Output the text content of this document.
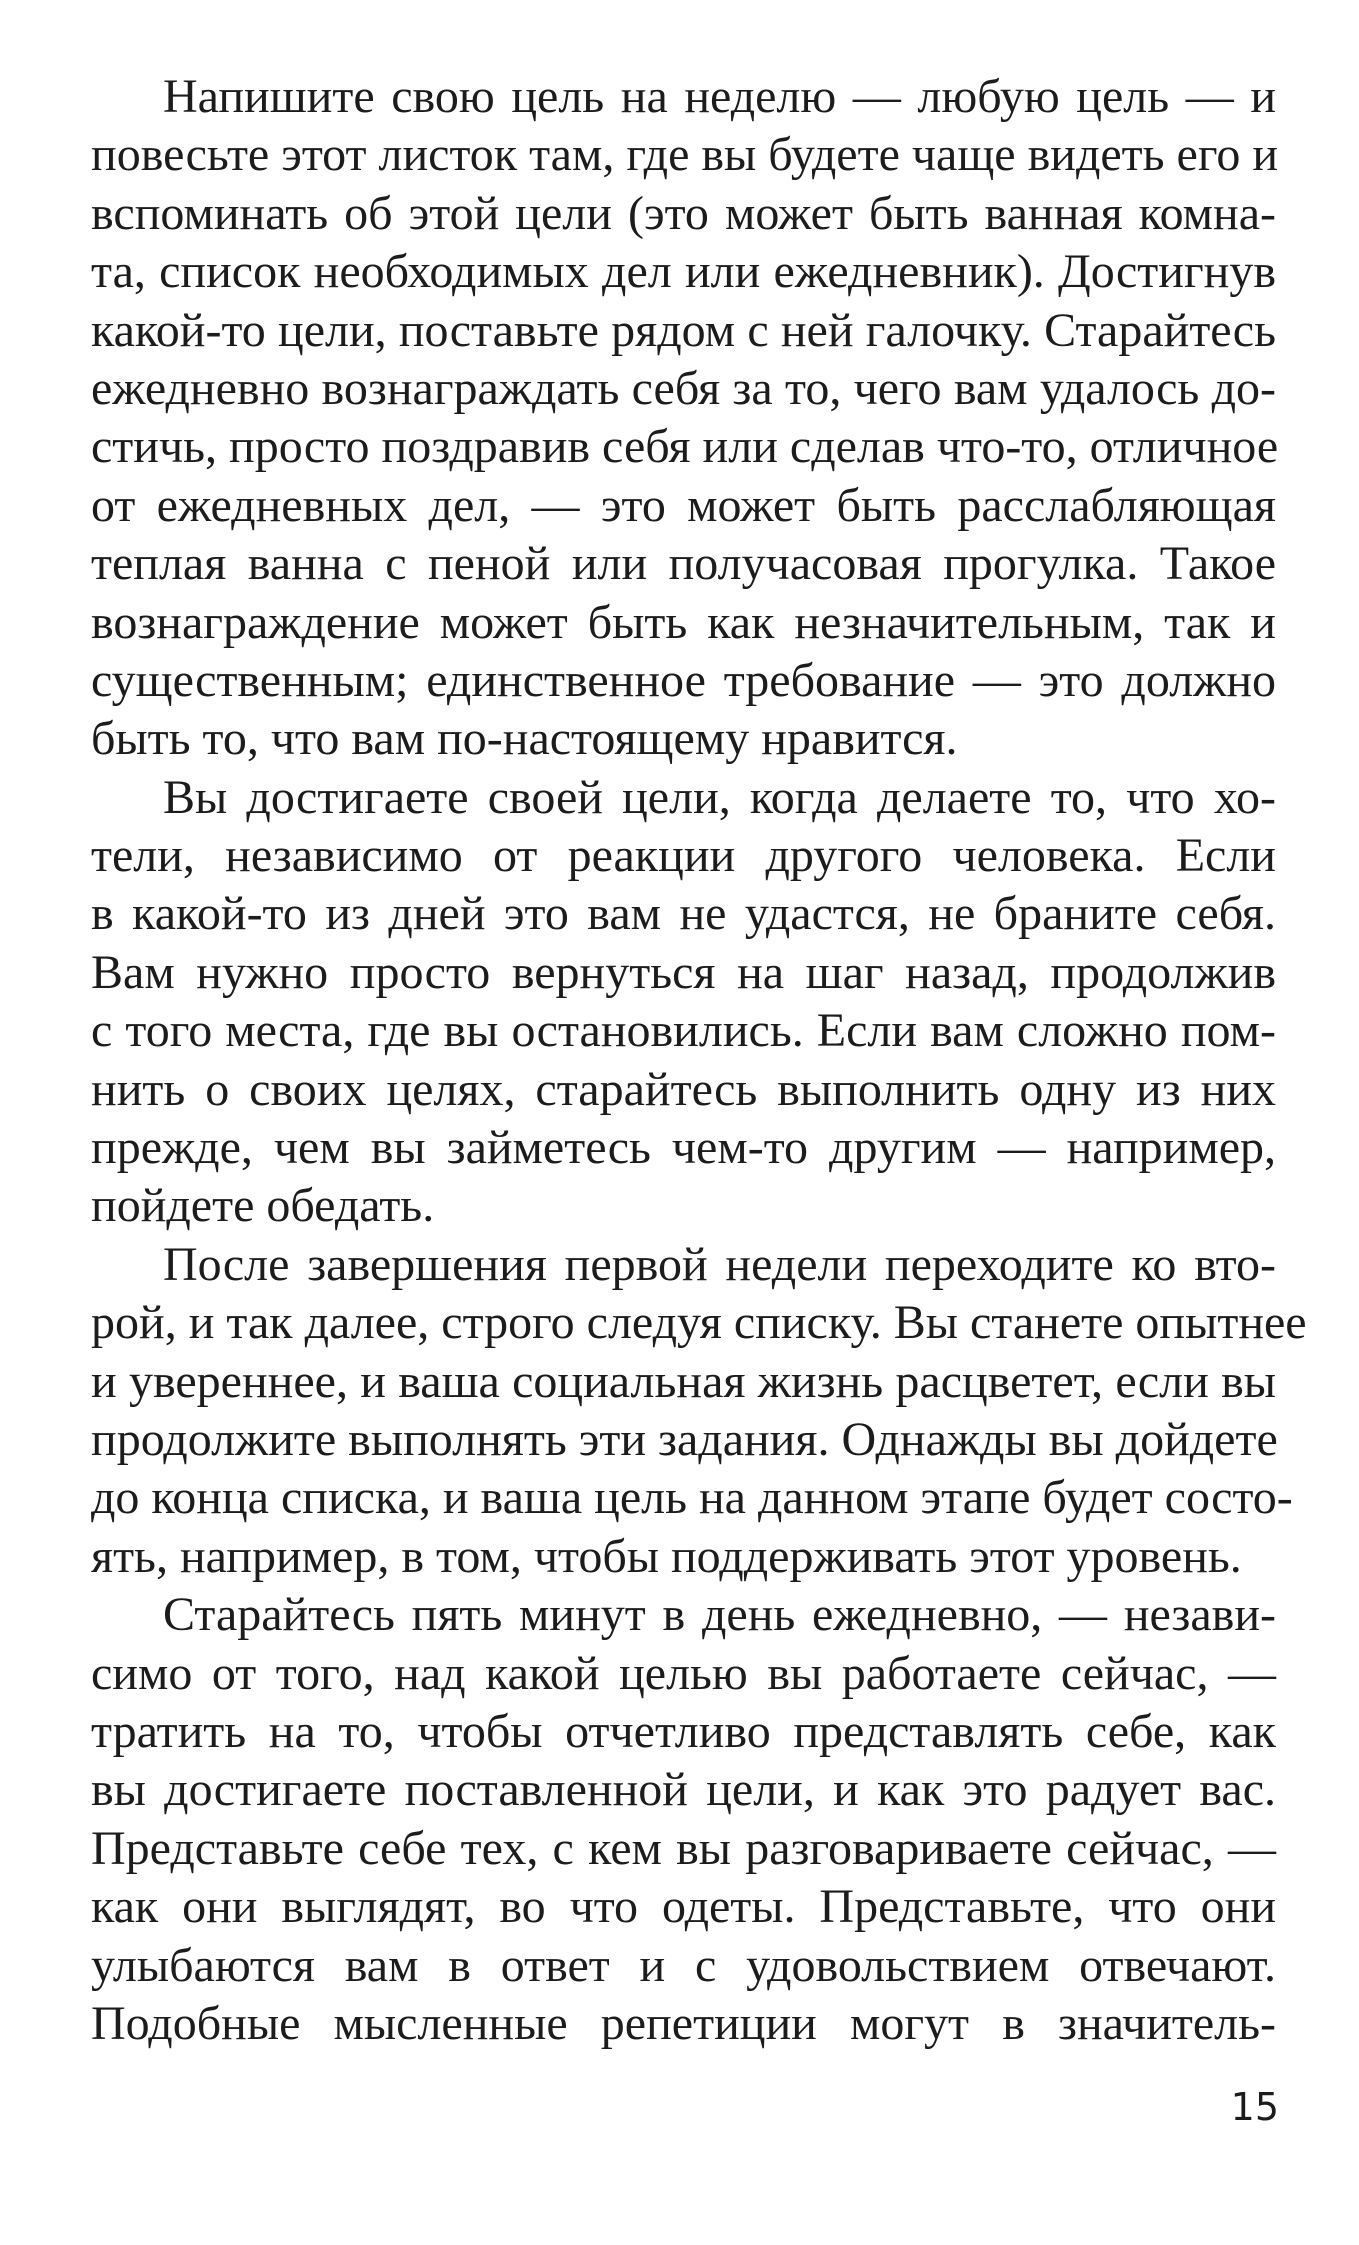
Напишите свою цель на неделю — любую цель — и
повесьте этот листок там, где вы будете чаще видеть его и
вспоминать об этой цели (это может быть ванная комна-
та, список необходимых дел или ежедневник). Достигнув
какой-то цели, поставьте рядом с ней галочку. Старайтесь
ежедневно вознаграждать себя за то, чего вам удалось до-
стичь, просто поздравив себя или сделав что-то, отличное
от ежедневных дел, — это может быть расслабляющая
теплая ванна с пеной или получасовая прогулка. Такое
вознаграждение может быть как незначительным, так и
существенным; единственное требование — это должно
быть то, что вам по-настоящему нравится.
Вы достигаете своей цели, когда делаете то, что хо-
тели, независимо от реакции другого человека. Если
в какой-то из дней это вам не удастся, не браните себя.
Вам нужно просто вернуться на шаг назад, продолжив
с того места, где вы остановились. Если вам сложно пом-
нить о своих целях, старайтесь выполнить одну из них
прежде, чем вы займетесь чем-то другим — например,
пойдете обедать.
После завершения первой недели переходите ко вто-
рой, и так далее, строго следуя списку. Вы станете опытнее
и увереннее, и ваша социальная жизнь расцветет, если вы
продолжите выполнять эти задания. Однажды вы дойдете
до конца списка, и ваша цель на данном этапе будет состо-
ять, например, в том, чтобы поддерживать этот уровень.
Старайтесь пять минут в день ежедневно, — незави-
симо от того, над какой целью вы работаете сейчас, —
тратить на то, чтобы отчетливо представлять себе, как
вы достигаете поставленной цели, и как это радует вас.
Представьте себе тех, с кем вы разговариваете сейчас, —
как они выглядят, во что одеты. Представьте, что они
улыбаются вам в ответ и с удовольствием отвечают.
Подобные мысленные репетиции могут в значитель-
15
